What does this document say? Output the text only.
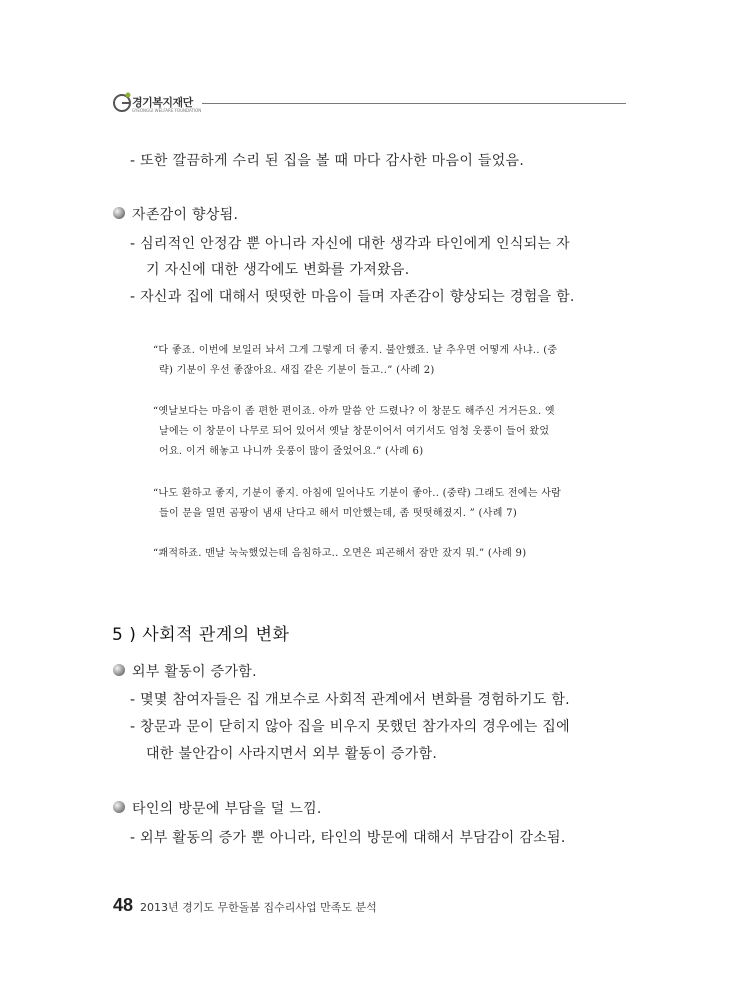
경기복지재단
GYEONGGI WELFARE FOUNDATION
- 또한 깔끔하게 수리 된 집을 볼 때 마다 감사한 마음이 들었음.
자존감이 향상됨.
- 심리적인 안정감 뿐 아니라 자신에 대한 생각과 타인에게 인식되는 자
기 자신에 대한 생각에도 변화를 가져왔음.
- 자신과 집에 대해서 떳떳한 마음이 들며 자존감이 향상되는 경험을 함.
“다 좋죠. 이번에 보일러 놔서 그게 그렇게 더 좋지. 불안했죠. 날 추우면 어떻게 사냐.. (중
략) 기분이 우선 좋잖아요. 새집 같은 기분이 들고..” (사례 2)
“옛날보다는 마음이 좀 편한 편이죠. 아까 말씀 안 드렸나? 이 창문도 해주신 거거든요. 옛
날에는 이 창문이 나무로 되어 있어서 옛날 창문이어서 여기서도 엄청 웃풍이 들어 왔었
어요. 이거 해놓고 나니까 웃풍이 많이 줄었어요.” (사례 6)
“나도 환하고 좋지, 기분이 좋지. 아침에 일어나도 기분이 좋아.. (중략) 그래도 전에는 사람
들이 문을 열면 곰팡이 냄새 난다고 해서 미안했는데, 좀 떳떳해졌지. ” (사례 7)
“쾌적하죠. 맨날 눅눅했었는데 음침하고.. 오면은 피곤해서 잠만 잤지 뭐.” (사례 9)
5 ) 사회적 관계의 변화
외부 활동이 증가함.
- 몇몇 참여자들은 집 개보수로 사회적 관계에서 변화를 경험하기도 함.
- 창문과 문이 닫히지 않아 집을 비우지 못했던 참가자의 경우에는 집에
대한 불안감이 사라지면서 외부 활동이 증가함.
타인의 방문에 부담을 덜 느낌.
- 외부 활동의 증가 뿐 아니라, 타인의 방문에 대해서 부담감이 감소됨.
48 2013년 경기도 무한돌봄 집수리사업 만족도 분석
